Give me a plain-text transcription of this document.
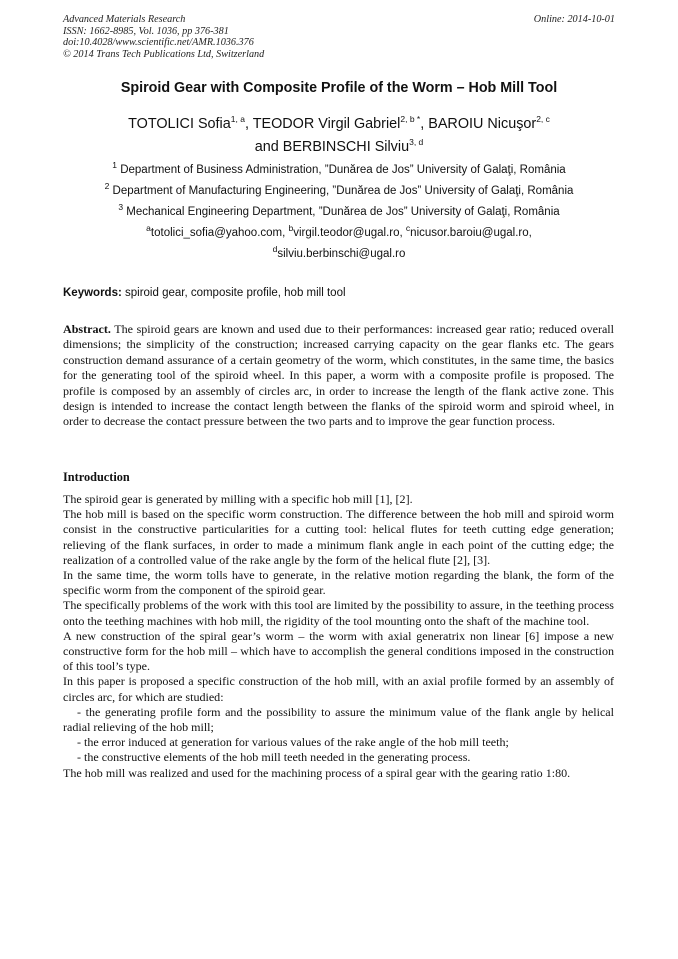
Advanced Materials Research
ISSN: 1662-8985, Vol. 1036, pp 376-381
doi:10.4028/www.scientific.net/AMR.1036.376
© 2014 Trans Tech Publications Ltd, Switzerland
Online: 2014-10-01
Spiroid Gear with Composite Profile of the Worm – Hob Mill Tool
TOTOLICI Sofia$^{1, a}$, TEODOR Virgil Gabriel$^{2, b *}$, BAROIU Nicuşor$^{2, c}$
and BERBINSCHI Silviu$^{3, d}$
$^1$ Department of Business Administration, ”Dunărea de Jos” University of Galaţi, România
$^2$ Department of Manufacturing Engineering, ”Dunărea de Jos” University of Galaţi, România
$^3$ Mechanical Engineering Department, ”Dunărea de Jos” University of Galaţi, România
$^a$totolici_sofia@yahoo.com, $^b$virgil.teodor@ugal.ro, $^c$nicusor.baroiu@ugal.ro,
$^d$silviu.berbinschi@ugal.ro
Keywords: spiroid gear, composite profile, hob mill tool
Abstract. The spiroid gears are known and used due to their performances: increased gear ratio; reduced overall dimensions; the simplicity of the construction; increased carrying capacity on the gear flanks etc. The gears construction demand assurance of a certain geometry of the worm, which constitutes, in the same time, the basics for the generating tool of the spiroid wheel. In this paper, a worm with a composite profile is proposed. The profile is composed by an assembly of circles arc, in order to increase the length of the flank active zone. This design is intended to increase the contact length between the flanks of the spiroid worm and spiroid wheel, in order to decrease the contact pressure between the two parts and to improve the gear function process.
Introduction

The spiroid gear is generated by milling with a specific hob mill [1], [2].

The hob mill is based on the specific worm construction. The difference between the hob mill and spiroid worm consist in the constructive particularities for a cutting tool: helical flutes for teeth cutting edge generation; relieving of the flank surfaces, in order to made a minimum flank angle in each point of the cutting edge; the realization of a controlled value of the rake angle by the form of the helical flute [2], [3].

In the same time, the worm tolls have to generate, in the relative motion regarding the blank, the form of the specific worm from the component of the spiroid gear.

The specifically problems of the work with this tool are limited by the possibility to assure, in the teething process onto the teething machines with hob mill, the rigidity of the tool mounting onto the shaft of the machine tool.

A new construction of the spiral gear’s worm – the worm with axial generatrix non linear [6] impose a new constructive form for the hob mill – which have to accomplish the general conditions imposed in the construction of this tool’s type.

In this paper is proposed a specific construction of the hob mill, with an axial profile formed by an assembly of circles arc, for which are studied:

- the generating profile form and the possibility to assure the minimum value of the flank angle by helical radial relieving of the hob mill;

- the error induced at generation for various values of the rake angle of the hob mill teeth;

- the constructive elements of the hob mill teeth needed in the generating process.

The hob mill was realized and used for the machining process of a spiral gear with the gearing ratio 1:80.
